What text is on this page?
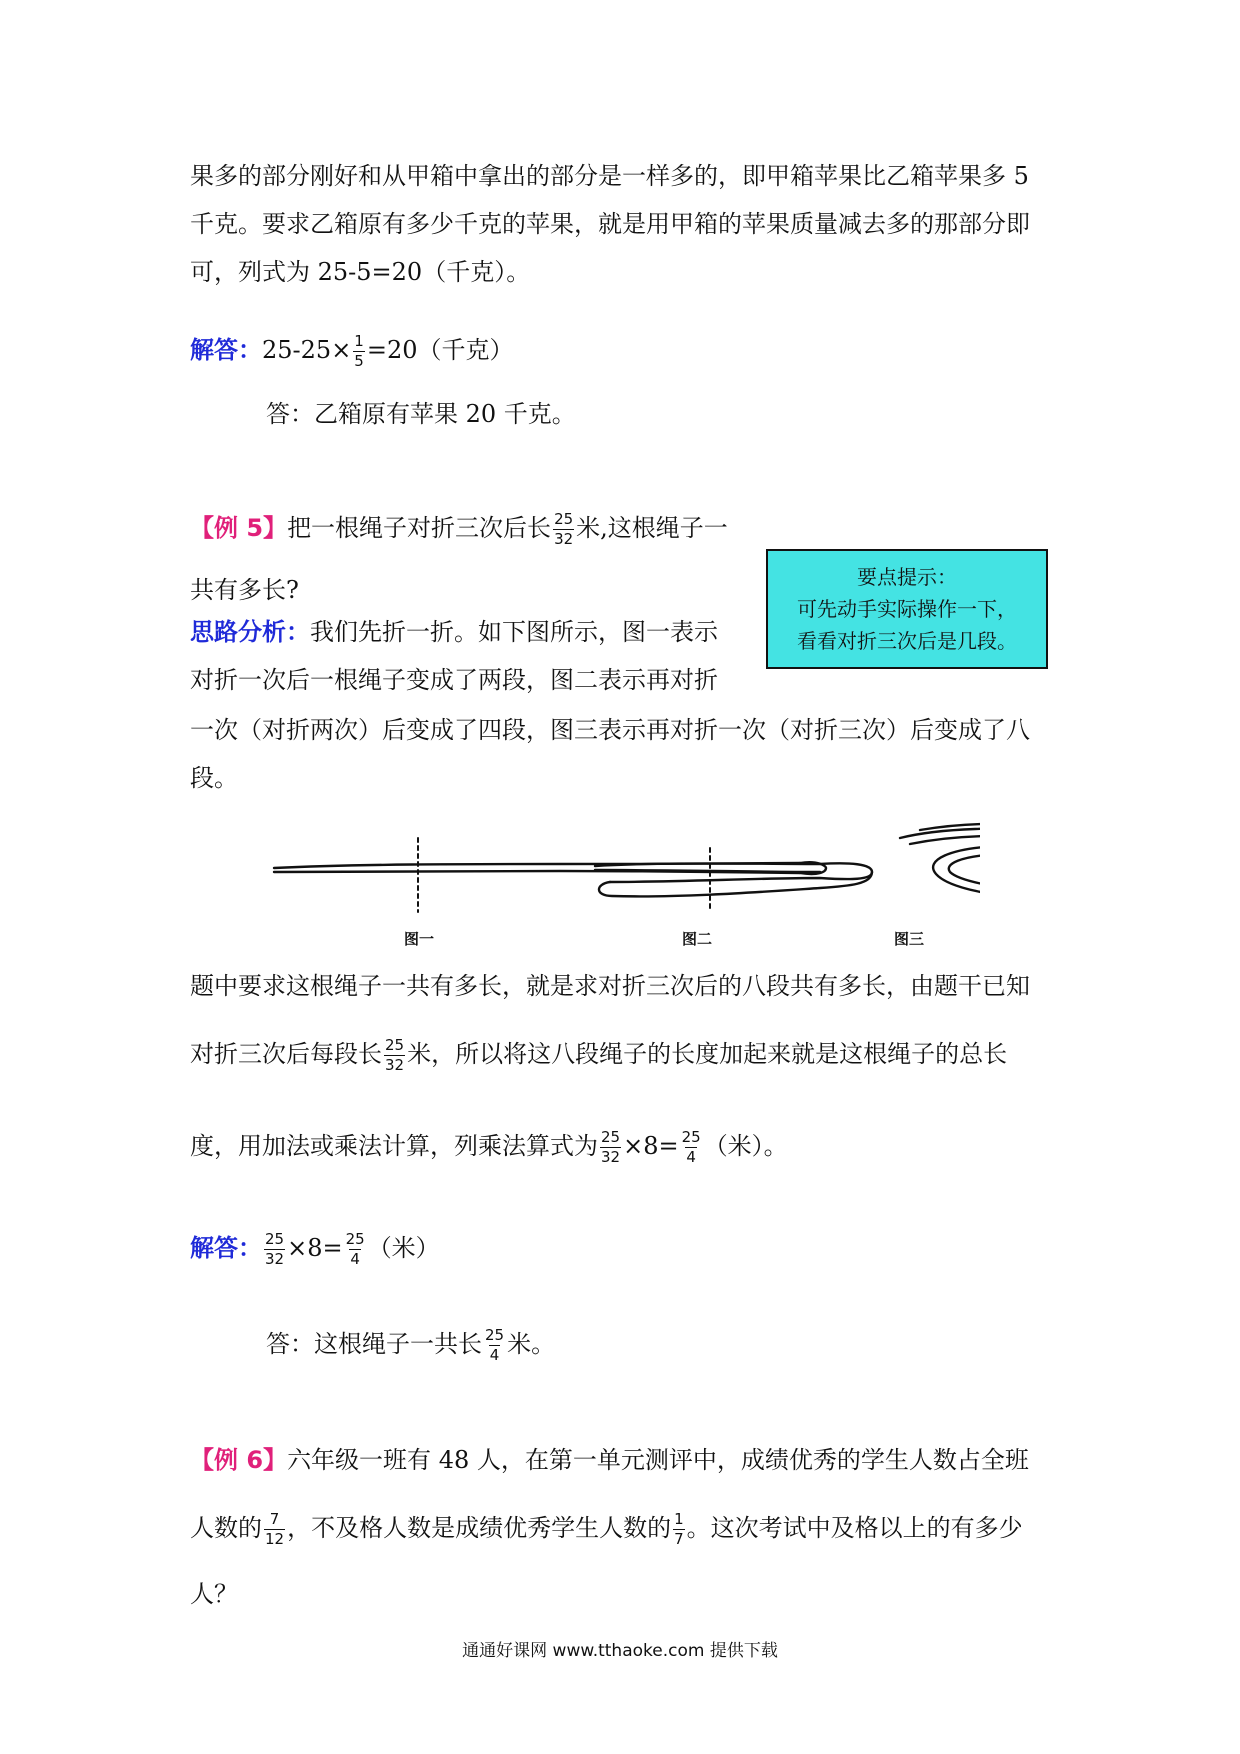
果多的部分刚好和从甲箱中拿出的部分是一样多的，即甲箱苹果比乙箱苹果多 5
千克。要求乙箱原有多少千克的苹果，就是用甲箱的苹果质量减去多的那部分即
可，列式为 25-5=20（千克）。
解答： $25-25\times \frac{1}{5} =20$（千克）
答：乙箱原有苹果 20 千克。
【例 5】 把一根绳子对折三次后长 $\frac{25}{32}$ 米,这根绳子一
共有多长?	要点提示：
可先动手实际操作一下，
看看对折三次后是几段。
思路分析： 我们先折一折。如下图所示，图一表示
对折一次后一根绳子变成了两段，图二表示再对折
一次（对折两次）后变成了四段，图三表示再对折一次（对折三次）后变成了八
段。
图一	图二	图三
题中要求这根绳子一共有多长，就是求对折三次后的八段共有多长，由题干已知
对折三次后每段长 $\frac{25}{32}$ 米，所以将这八段绳子的长度加起来就是这根绳子的总长
度，用加法或乘法计算，列乘法算式为 $\frac{25}{32} \times 8= \frac{25}{4}$ （米）。
解答： $\frac{25}{32} \times 8= \frac{25}{4}$ （米）
答：这根绳子一共长 $\frac{25}{4}$ 米。
【例 6】 六年级一班有 48 人，在第一单元测评中，成绩优秀的学生人数占全班
人数的 $\frac{7}{12}$ ，不及格人数是成绩优秀学生人数的 $\frac{1}{7}$ 。这次考试中及格以上的有多少
人？
通通好课网 www.tthaoke.com 提供下载
